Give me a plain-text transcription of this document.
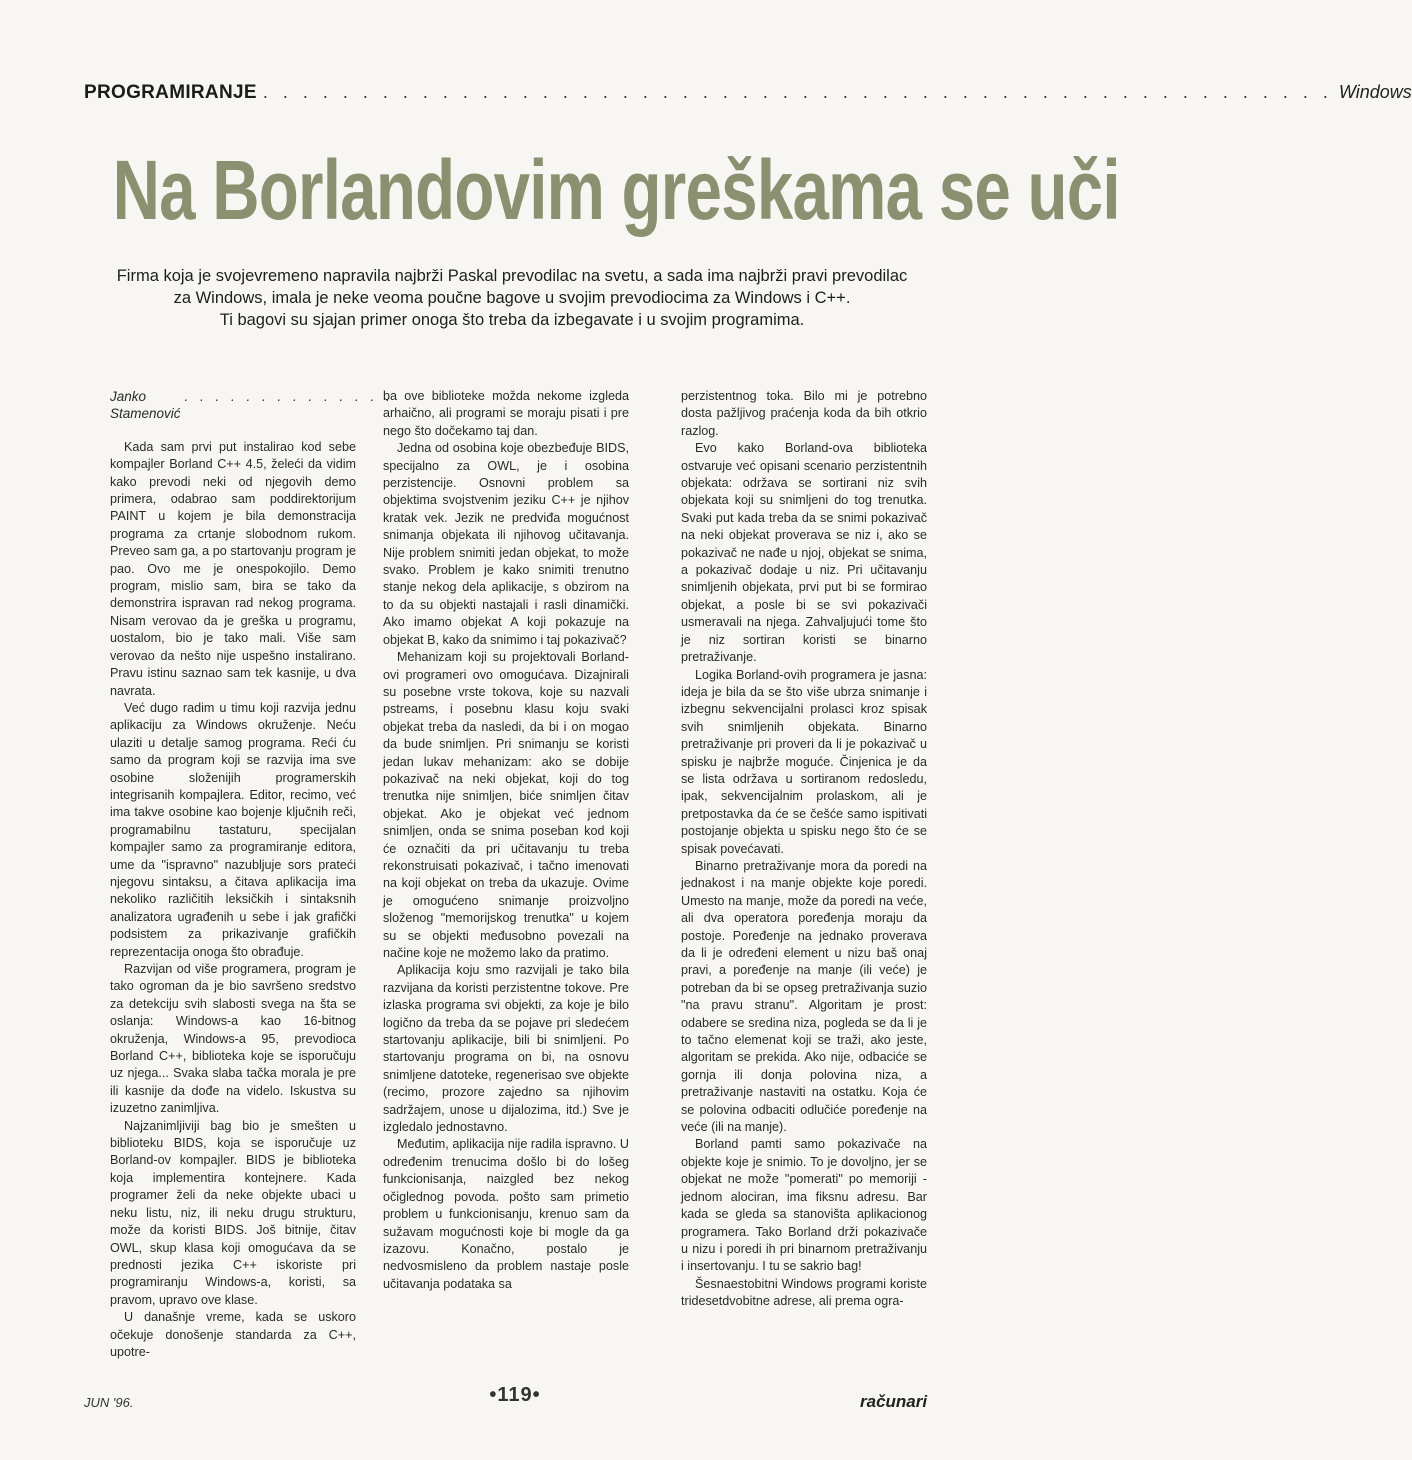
PROGRAMIRANJE . . . . . . . . . . . . . . . . . . . . . . . . . . . . . . . . . . . . . . . . . . . . . . . . . . . . . . Windows
Na Borlandovim greškama se uči

Firma koja je svojevremeno napravila najbrži Paskal prevodilac na svetu, a sada ima najbrži pravi prevodilac

za Windows, imala je neke veoma poučne bagove u svojim prevodiocima za Windows i C++.

Ti bagovi su sjajan primer onoga što treba da izbegavate i u svojim programima.

Janko Stamenović
. . . . . . . . . . . . . .

Kada sam prvi put instalirao kod sebe kompajler Borland C++ 4.5, želeći da vidim kako prevodi neki od njegovih demo primera, odabrao sam poddirektorijum PAINT u kojem je bila demonstracija programa za crtanje slobodnom rukom. Preveo sam ga, a po startovanju program je pao. Ovo me je onespokojilo. Demo program, mislio sam, bira se tako da demonstrira ispravan rad nekog programa. Nisam verovao da je greška u programu, uostalom, bio je tako mali. Više sam verovao da nešto nije uspešno instalirano. Pravu istinu saznao sam tek kasnije, u dva navrata.

Već dugo radim u timu koji razvija jednu aplikaciju za Windows okruženje. Neću ulaziti u detalje samog programa. Reći ću samo da program koji se razvija ima sve osobine složenijih programerskih integrisanih kompajlera. Editor, recimo, već ima takve osobine kao bojenje ključnih reči, programabilnu tastaturu, specijalan kompajler samo za programiranje editora, ume da "ispravno" nazubljuje sors prateći njegovu sintaksu, a čitava aplikacija ima nekoliko različitih leksičkih i sintaksnih analizatora ugrađenih u sebe i jak grafički podsistem za prikazivanje grafičkih reprezentacija onoga što obrađuje.

Razvijan od više programera, program je tako ogroman da je bio savršeno sredstvo za detekciju svih slabosti svega na šta se oslanja: Windows-a kao 16-bitnog okruženja, Windows-a 95, prevodioca Borland C++, biblioteka koje se isporučuju uz njega... Svaka slaba tačka morala je pre ili kasnije da dođe na videlo. Iskustva su izuzetno zanimljiva.

Najzanimljiviji bag bio je smešten u biblioteku BIDS, koja se isporučuje uz Borland-ov kompajler. BIDS je biblioteka koja implementira kontejnere. Kada programer želi da neke objekte ubaci u neku listu, niz, ili neku drugu strukturu, može da koristi BIDS. Još bitnije, čitav OWL, skup klasa koji omogućava da se prednosti jezika C++ iskoriste pri programiranju Windows-a, koristi, sa pravom, upravo ove klase.

U današnje vreme, kada se uskoro očekuje donošenje standarda za C++, upotre-

ba ove biblioteke možda nekome izgleda arhaično, ali programi se moraju pisati i pre nego što dočekamo taj dan.

Jedna od osobina koje obezbeđuje BIDS, specijalno za OWL, je i osobina perzistencije. Osnovni problem sa objektima svojstvenim jeziku C++ je njihov kratak vek. Jezik ne predviđa mogućnost snimanja objekata ili njihovog učitavanja. Nije problem snimiti jedan objekat, to može svako. Problem je kako snimiti trenutno stanje nekog dela aplikacije, s obzirom na to da su objekti nastajali i rasli dinamički. Ako imamo objekat A koji pokazuje na objekat B, kako da snimimo i taj pokazivač?

Mehanizam koji su projektovali Borland-ovi programeri ovo omogućava. Dizajnirali su posebne vrste tokova, koje su nazvali pstreams, i posebnu klasu koju svaki objekat treba da nasledi, da bi i on mogao da bude snimljen. Pri snimanju se koristi jedan lukav mehanizam: ako se dobije pokazivač na neki objekat, koji do tog trenutka nije snimljen, biće snimljen čitav objekat. Ako je objekat već jednom snimljen, onda se snima poseban kod koji će označiti da pri učitavanju tu treba rekonstruisati pokazivač, i tačno imenovati na koji objekat on treba da ukazuje. Ovime je omogućeno snimanje proizvoljno složenog "memorijskog trenutka" u kojem su se objekti međusobno povezali na načine koje ne možemo lako da pratimo.

Aplikacija koju smo razvijali je tako bila razvijana da koristi perzistentne tokove. Pre izlaska programa svi objekti, za koje je bilo logično da treba da se pojave pri sledećem startovanju aplikacije, bili bi snimljeni. Po startovanju programa on bi, na osnovu snimljene datoteke, regenerisao sve objekte (recimo, prozore zajedno sa njihovim sadržajem, unose u dijalozima, itd.) Sve je izgledalo jednostavno.

Međutim, aplikacija nije radila ispravno. U određenim trenucima došlo bi do lošeg funkcionisanja, naizgled bez nekog očiglednog povoda. pošto sam primetio problem u funkcionisanju, krenuo sam da sužavam mogućnosti koje bi mogle da ga izazovu. Konačno, postalo je nedvosmisleno da problem nastaje posle učitavanja podataka sa

perzistentnog toka. Bilo mi je potrebno dosta pažljivog praćenja koda da bih otkrio razlog.

Evo kako Borland-ova biblioteka ostvaruje već opisani scenario perzistentnih objekata: održava se sortirani niz svih objekata koji su snimljeni do tog trenutka. Svaki put kada treba da se snimi pokazivač na neki objekat proverava se niz i, ako se pokazivač ne nađe u njoj, objekat se snima, a pokazivač dodaje u niz. Pri učitavanju snimljenih objekata, prvi put bi se formirao objekat, a posle bi se svi pokazivači usmeravali na njega. Zahvaljujući tome što je niz sortiran koristi se binarno pretraživanje.

Logika Borland-ovih programera je jasna: ideja je bila da se što više ubrza snimanje i izbegnu sekvencijalni prolasci kroz spisak svih snimljenih objekata. Binarno pretraživanje pri proveri da li je pokazivač u spisku je najbrže moguće. Činjenica je da se lista održava u sortiranom redosledu, ipak, sekvencijalnim prolaskom, ali je pretpostavka da će se češće samo ispitivati postojanje objekta u spisku nego što će se spisak povećavati.

Binarno pretraživanje mora da poredi na jednakost i na manje objekte koje poredi. Umesto na manje, može da poredi na veće, ali dva operatora poređenja moraju da postoje. Poređenje na jednako proverava da li je određeni element u nizu baš onaj pravi, a poređenje na manje (ili veće) je potreban da bi se opseg pretraživanja suzio "na pravu stranu". Algoritam je prost: odabere se sredina niza, pogleda se da li je to tačno elemenat koji se traži, ako jeste, algoritam se prekida. Ako nije, odbaciće se gornja ili donja polovina niza, a pretraživanje nastaviti na ostatku. Koja će se polovina odbaciti odlučiće poređenje na veće (ili na manje).

Borland pamti samo pokazivače na objekte koje je snimio. To je dovoljno, jer se objekat ne može "pomerati" po memoriji - jednom alociran, ima fiksnu adresu. Bar kada se gleda sa stanovišta aplikacionog programera. Tako Borland drži pokazivače u nizu i poredi ih pri binarnom pretraživanju i insertovanju. I tu se sakrio bag!

Šesnaestobitni Windows programi koriste tridesetdvobitne adrese, ali prema ogra-

JUN '96.	•119•	računari
